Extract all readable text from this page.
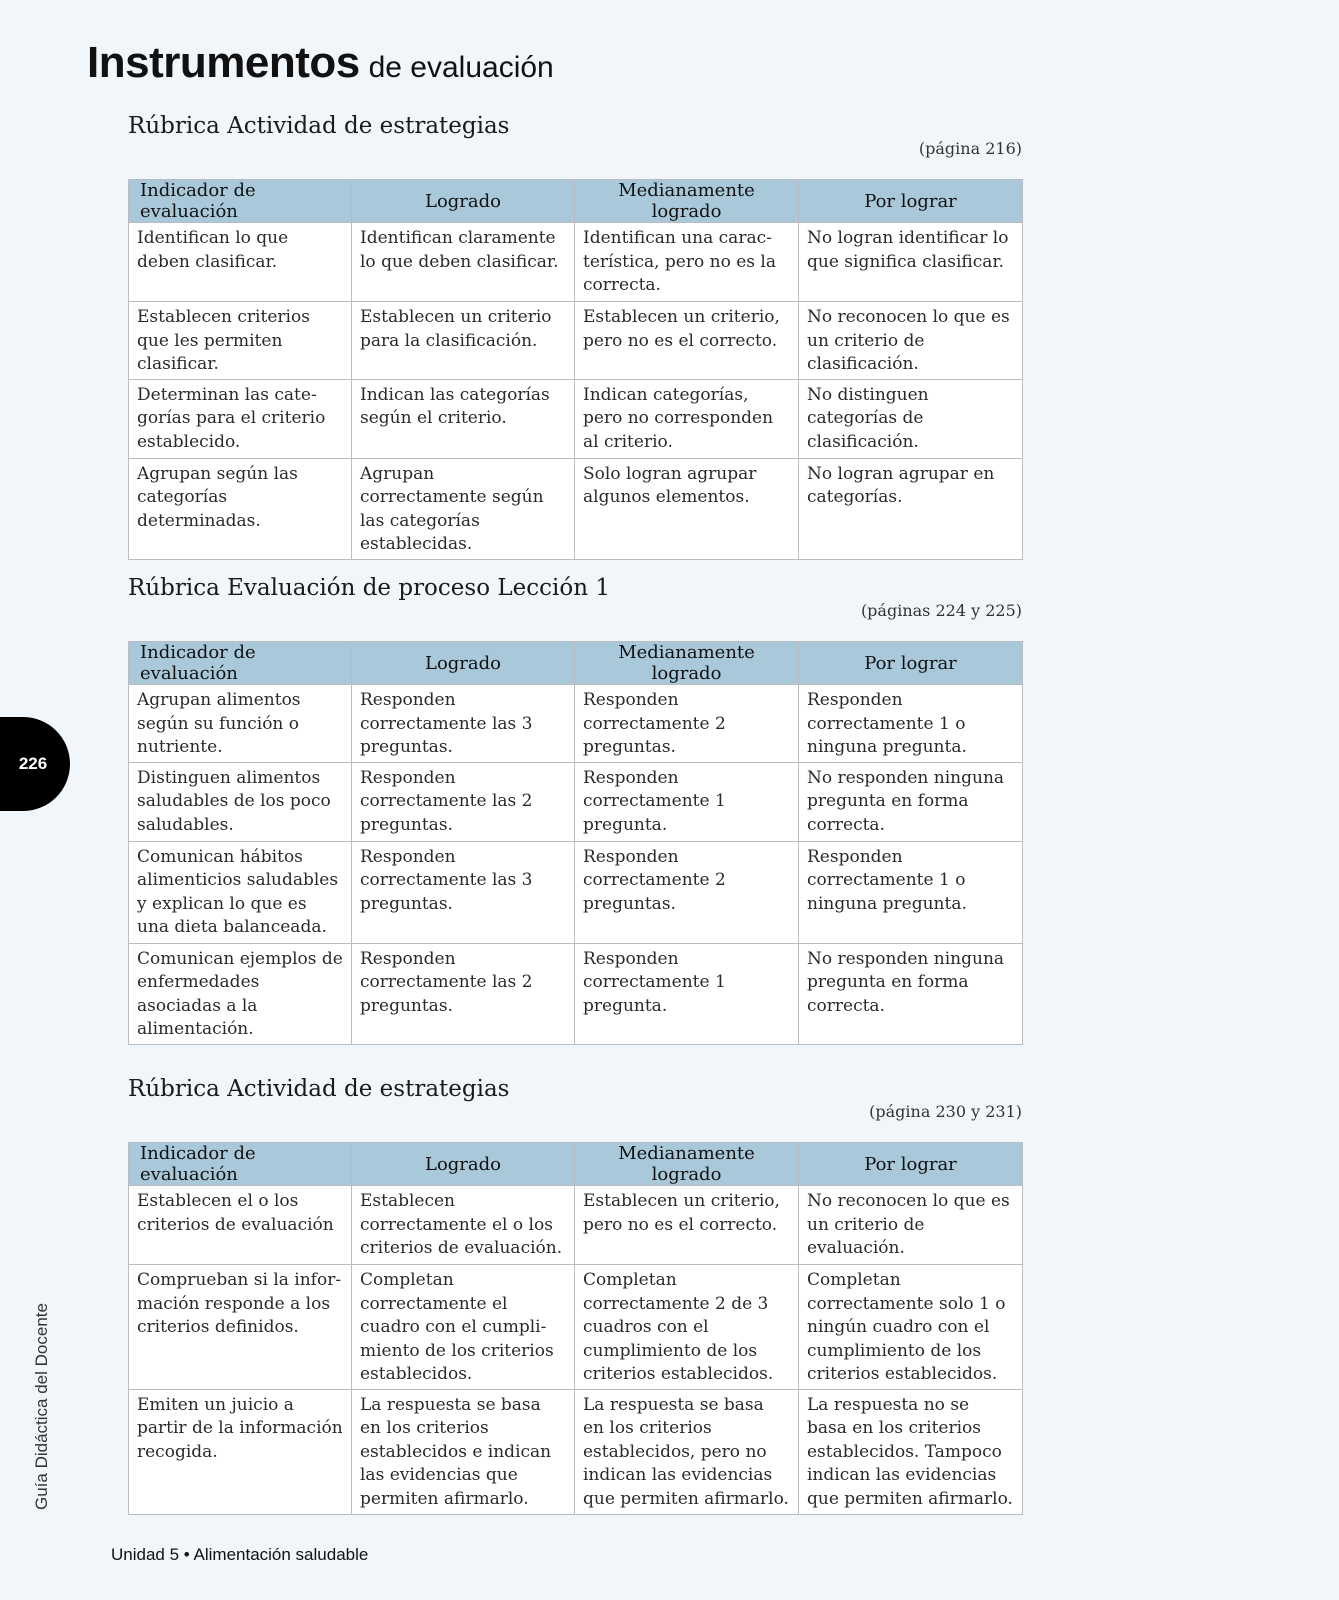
Instrumentos de evaluación
Rúbrica Actividad de estrategias
(página 216)
Indicador de evaluación	Logrado	Medianamente logrado	Por lograr
Identifican lo que deben clasificar.	Identifican claramente lo que deben clasificar.	Identifican una característica, pero no es la correcta.	No logran identificar lo que significa clasificar.
Establecen criterios que les permiten clasificar.	Establecen un criterio para la clasificación.	Establecen un criterio, pero no es el correcto.	No reconocen lo que es un criterio de clasificación.
Determinan las categorías para el criterio establecido.	Indican las categorías según el criterio.	Indican categorías, pero no corresponden al criterio.	No distinguen categorías de clasificación.
Agrupan según las categorías determinadas.	Agrupan correctamente según las categorías establecidas.	Solo logran agrupar algunos elementos.	No logran agrupar en categorías.
Rúbrica Evaluación de proceso Lección 1
(páginas 224 y 225)
Indicador de evaluación	Logrado	Medianamente logrado	Por lograr
Agrupan alimentos según su función o nutriente.	Responden correctamente las 3 preguntas.	Responden correctamente 2 preguntas.	Responden correctamente 1 o ninguna pregunta.
Distinguen alimentos saludables de los poco saludables.	Responden correctamente las 2 preguntas.	Responden correctamente 1 pregunta.	No responden ninguna pregunta en forma correcta.
Comunican hábitos alimenticios saludables y explican lo que es una dieta balanceada.	Responden correctamente las 3 preguntas.	Responden correctamente 2 preguntas.	Responden correctamente 1 o ninguna pregunta.
Comunican ejemplos de enfermedades asociadas a la alimentación.	Responden correctamente las 2 preguntas.	Responden correctamente 1 pregunta.	No responden ninguna pregunta en forma correcta.
Rúbrica Actividad de estrategias
(página 230 y 231)
Indicador de evaluación	Logrado	Medianamente logrado	Por lograr
Establecen el o los criterios de evaluación	Establecen correctamente el o los criterios de evaluación.	Establecen un criterio, pero no es el correcto.	No reconocen lo que es un criterio de evaluación.
Comprueban si la información responde a los criterios definidos.	Completan correctamente el cuadro con el cumplimiento de los criterios establecidos.	Completan correctamente 2 de 3 cuadros con el cumplimiento de los criterios establecidos.	Completan correctamente solo 1 o ningún cuadro con el cumplimiento de los criterios establecidos.
Emiten un juicio a partir de la información recogida.	La respuesta se basa en los criterios establecidos e indican las evidencias que permiten afirmarlo.	La respuesta se basa en los criterios establecidos, pero no indican las evidencias que permiten afirmarlo.	La respuesta no se basa en los criterios establecidos. Tampoco indican las evidencias que permiten afirmarlo.
226
Guía Didáctica del Docente
Unidad 5 • Alimentación saludable
